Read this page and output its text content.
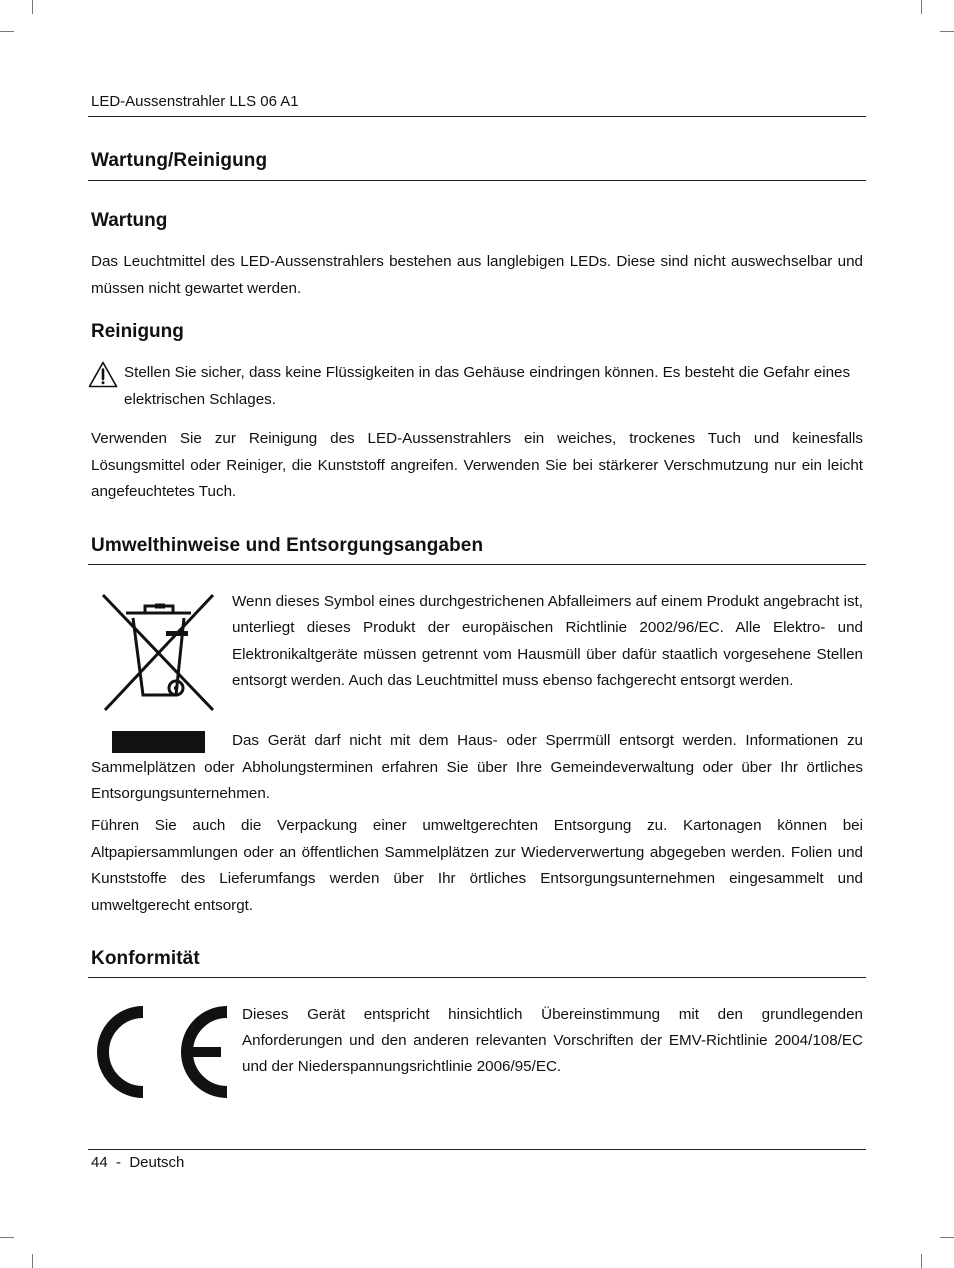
LED-Aussenstrahler LLS 06 A1
Wartung/Reinigung
Wartung

Das Leuchtmittel des LED-Aussenstrahlers bestehen aus langlebigen LEDs. Diese sind nicht auswechselbar und müssen nicht gewartet werden.

Reinigung

Stellen Sie sicher, dass keine Flüssigkeiten in das Gehäuse eindringen können. Es besteht die Gefahr eines elektrischen Schlages.

Verwenden Sie zur Reinigung des LED-Aussenstrahlers ein weiches, trockenes Tuch und keinesfalls Lösungsmittel oder Reiniger, die Kunststoff angreifen. Verwenden Sie bei stärkerer Verschmutzung nur ein leicht angefeuchtetes Tuch.

Umwelthinweise und Entsorgungsangaben

Wenn dieses Symbol eines durchgestrichenen Abfalleimers auf einem Produkt angebracht ist, unterliegt dieses Produkt der europäischen Richtlinie 2002/96/EC. Alle Elektro- und Elektronikaltgeräte müssen getrennt vom Hausmüll über dafür staatlich vorgesehene Stellen entsorgt werden. Auch das Leuchtmittel muss ebenso fachgerecht entsorgt werden.

Das Gerät darf nicht mit dem Haus- oder Sperrmüll entsorgt werden. Informationen zu Sammelplätzen oder Abholungsterminen erfahren Sie über Ihre Gemeindeverwaltung oder über Ihr örtliches Entsorgungsunternehmen.

Führen Sie auch die Verpackung einer umweltgerechten Entsorgung zu. Kartonagen können bei Altpapiersammlungen oder an öffentlichen Sammelplätzen zur Wiederverwertung abgegeben werden. Folien und Kunststoffe des Lieferumfangs werden über Ihr örtliches Entsorgungsunternehmen eingesammelt und umweltgerecht entsorgt.

Konformität

Dieses Gerät entspricht hinsichtlich Übereinstimmung mit den grundlegenden Anforderungen und den anderen relevanten Vorschriften der EMV-Richtlinie 2004/108/EC und der Niederspannungsrichtlinie 2006/95/EC.

44  -  Deutsch
